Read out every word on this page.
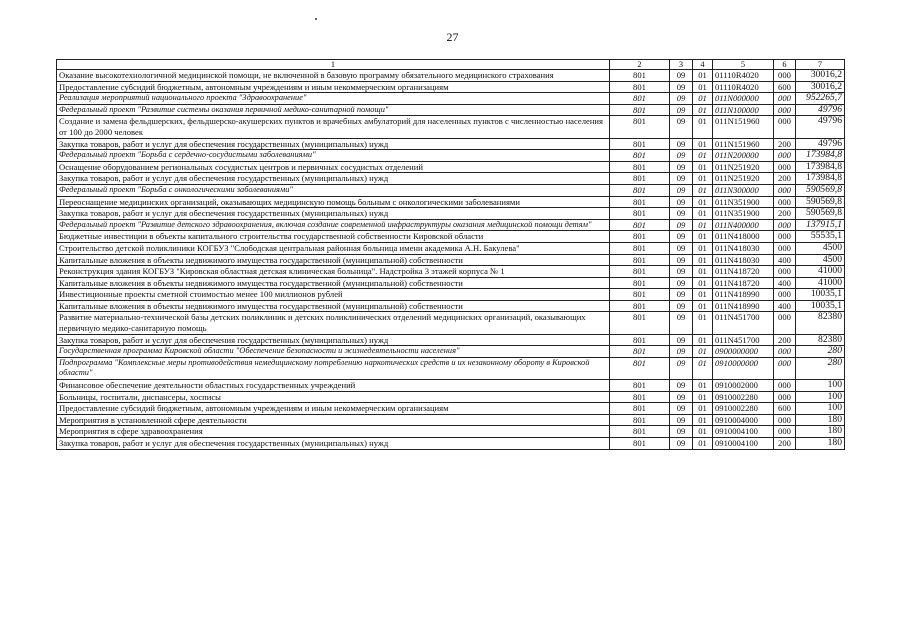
27
1	2	3	4	5	6	7
Оказание высокотехнологичной медицинской помощи, не включенной в базовую программу обязательного медицинского страхования	801	09	01	01110R4020	000	30016,2
Предоставление субсидий бюджетным, автономным учреждениям и иным некоммерческим организациям	801	09	01	01110R4020	600	30016,2
Реализация мероприятий национального проекта "Здравоохранение"	801	09	01	011N000000	000	952265,7
Федеральный проект "Развитие системы оказания первичной медико-санитарной помощи"	801	09	01	011N100000	000	49796
Создание и замена фельдшерских, фельдшерско-акушерских пунктов и врачебных амбулаторий для населенных пунктов с численностью населения от 100 до 2000 человек	801	09	01	011N151960	000	49796
Закупка товаров, работ и услуг для обеспечения государственных (муниципальных) нужд	801	09	01	011N151960	200	49796
Федеральный проект "Борьба с сердечно-сосудистыми заболеваниями"	801	09	01	011N200000	000	173984,8
Оснащение оборудованием региональных сосудистых центров и первичных сосудистых отделений	801	09	01	011N251920	000	173984,8
Закупка товаров, работ и услуг для обеспечения государственных (муниципальных) нужд	801	09	01	011N251920	200	173984,8
Федеральный проект "Борьба с онкологическими заболеваниями"	801	09	01	011N300000	000	590569,8
Переоснащение медицинских организаций, оказывающих медицинскую помощь больным с онкологическими заболеваниями	801	09	01	011N351900	000	590569,8
Закупка товаров, работ и услуг для обеспечения государственных (муниципальных) нужд	801	09	01	011N351900	200	590569,8
Федеральный проект "Развитие детского здравоохранения, включая создание современной инфраструктуры оказания медицинской помощи детям"	801	09	01	011N400000	000	137915,1
Бюджетные инвестиции в объекты капитального строительства государственной собственности Кировской области	801	09	01	011N418000	000	55535,1
Строительство детской поликлиники КОГБУЗ "Слободская центральная районная больница имени академика А.Н. Бакулева"	801	09	01	011N418030	000	4500
Капитальные вложения в объекты недвижимого имущества государственной (муниципальной) собственности	801	09	01	011N418030	400	4500
Реконструкция здания КОГБУЗ "Кировская областная детская клиническая больница". Надстройка 3 этажей корпуса № 1	801	09	01	011N418720	000	41000
Капитальные вложения в объекты недвижимого имущества государственной (муниципальной) собственности	801	09	01	011N418720	400	41000
Инвестиционные проекты сметной стоимостью менее 100 миллионов рублей	801	09	01	011N418990	000	10035,1
Капитальные вложения в объекты недвижимого имущества государственной (муниципальной) собственности	801	09	01	011N418990	400	10035,1
Развитие материально-технической базы детских поликлиник и детских поликлинических отделений медицинских организаций, оказывающих первичную медико-санитарную помощь	801	09	01	011N451700	000	82380
Закупка товаров, работ и услуг для обеспечения государственных (муниципальных) нужд	801	09	01	011N451700	200	82380
Государственная программа Кировской области "Обеспечение безопасности и жизнедеятельности населения"	801	09	01	0900000000	000	280
Подпрограмма "Комплексные меры противодействия немедицинскому потреблению наркотических средств и их незаконному обороту в Кировской области"	801	09	01	0910000000	000	280
Финансовое обеспечение деятельности областных государственных учреждений	801	09	01	0910002000	000	100
Больницы, госпитали, диспансеры, хосписы	801	09	01	0910002280	000	100
Предоставление субсидий бюджетным, автономным учреждениям и иным некоммерческим организациям	801	09	01	0910002280	600	100
Мероприятия в установленной сфере деятельности	801	09	01	0910004000	000	180
Мероприятия в сфере здравоохранения	801	09	01	0910004100	000	180
Закупка товаров, работ и услуг для обеспечения государственных (муниципальных) нужд	801	09	01	0910004100	200	180
